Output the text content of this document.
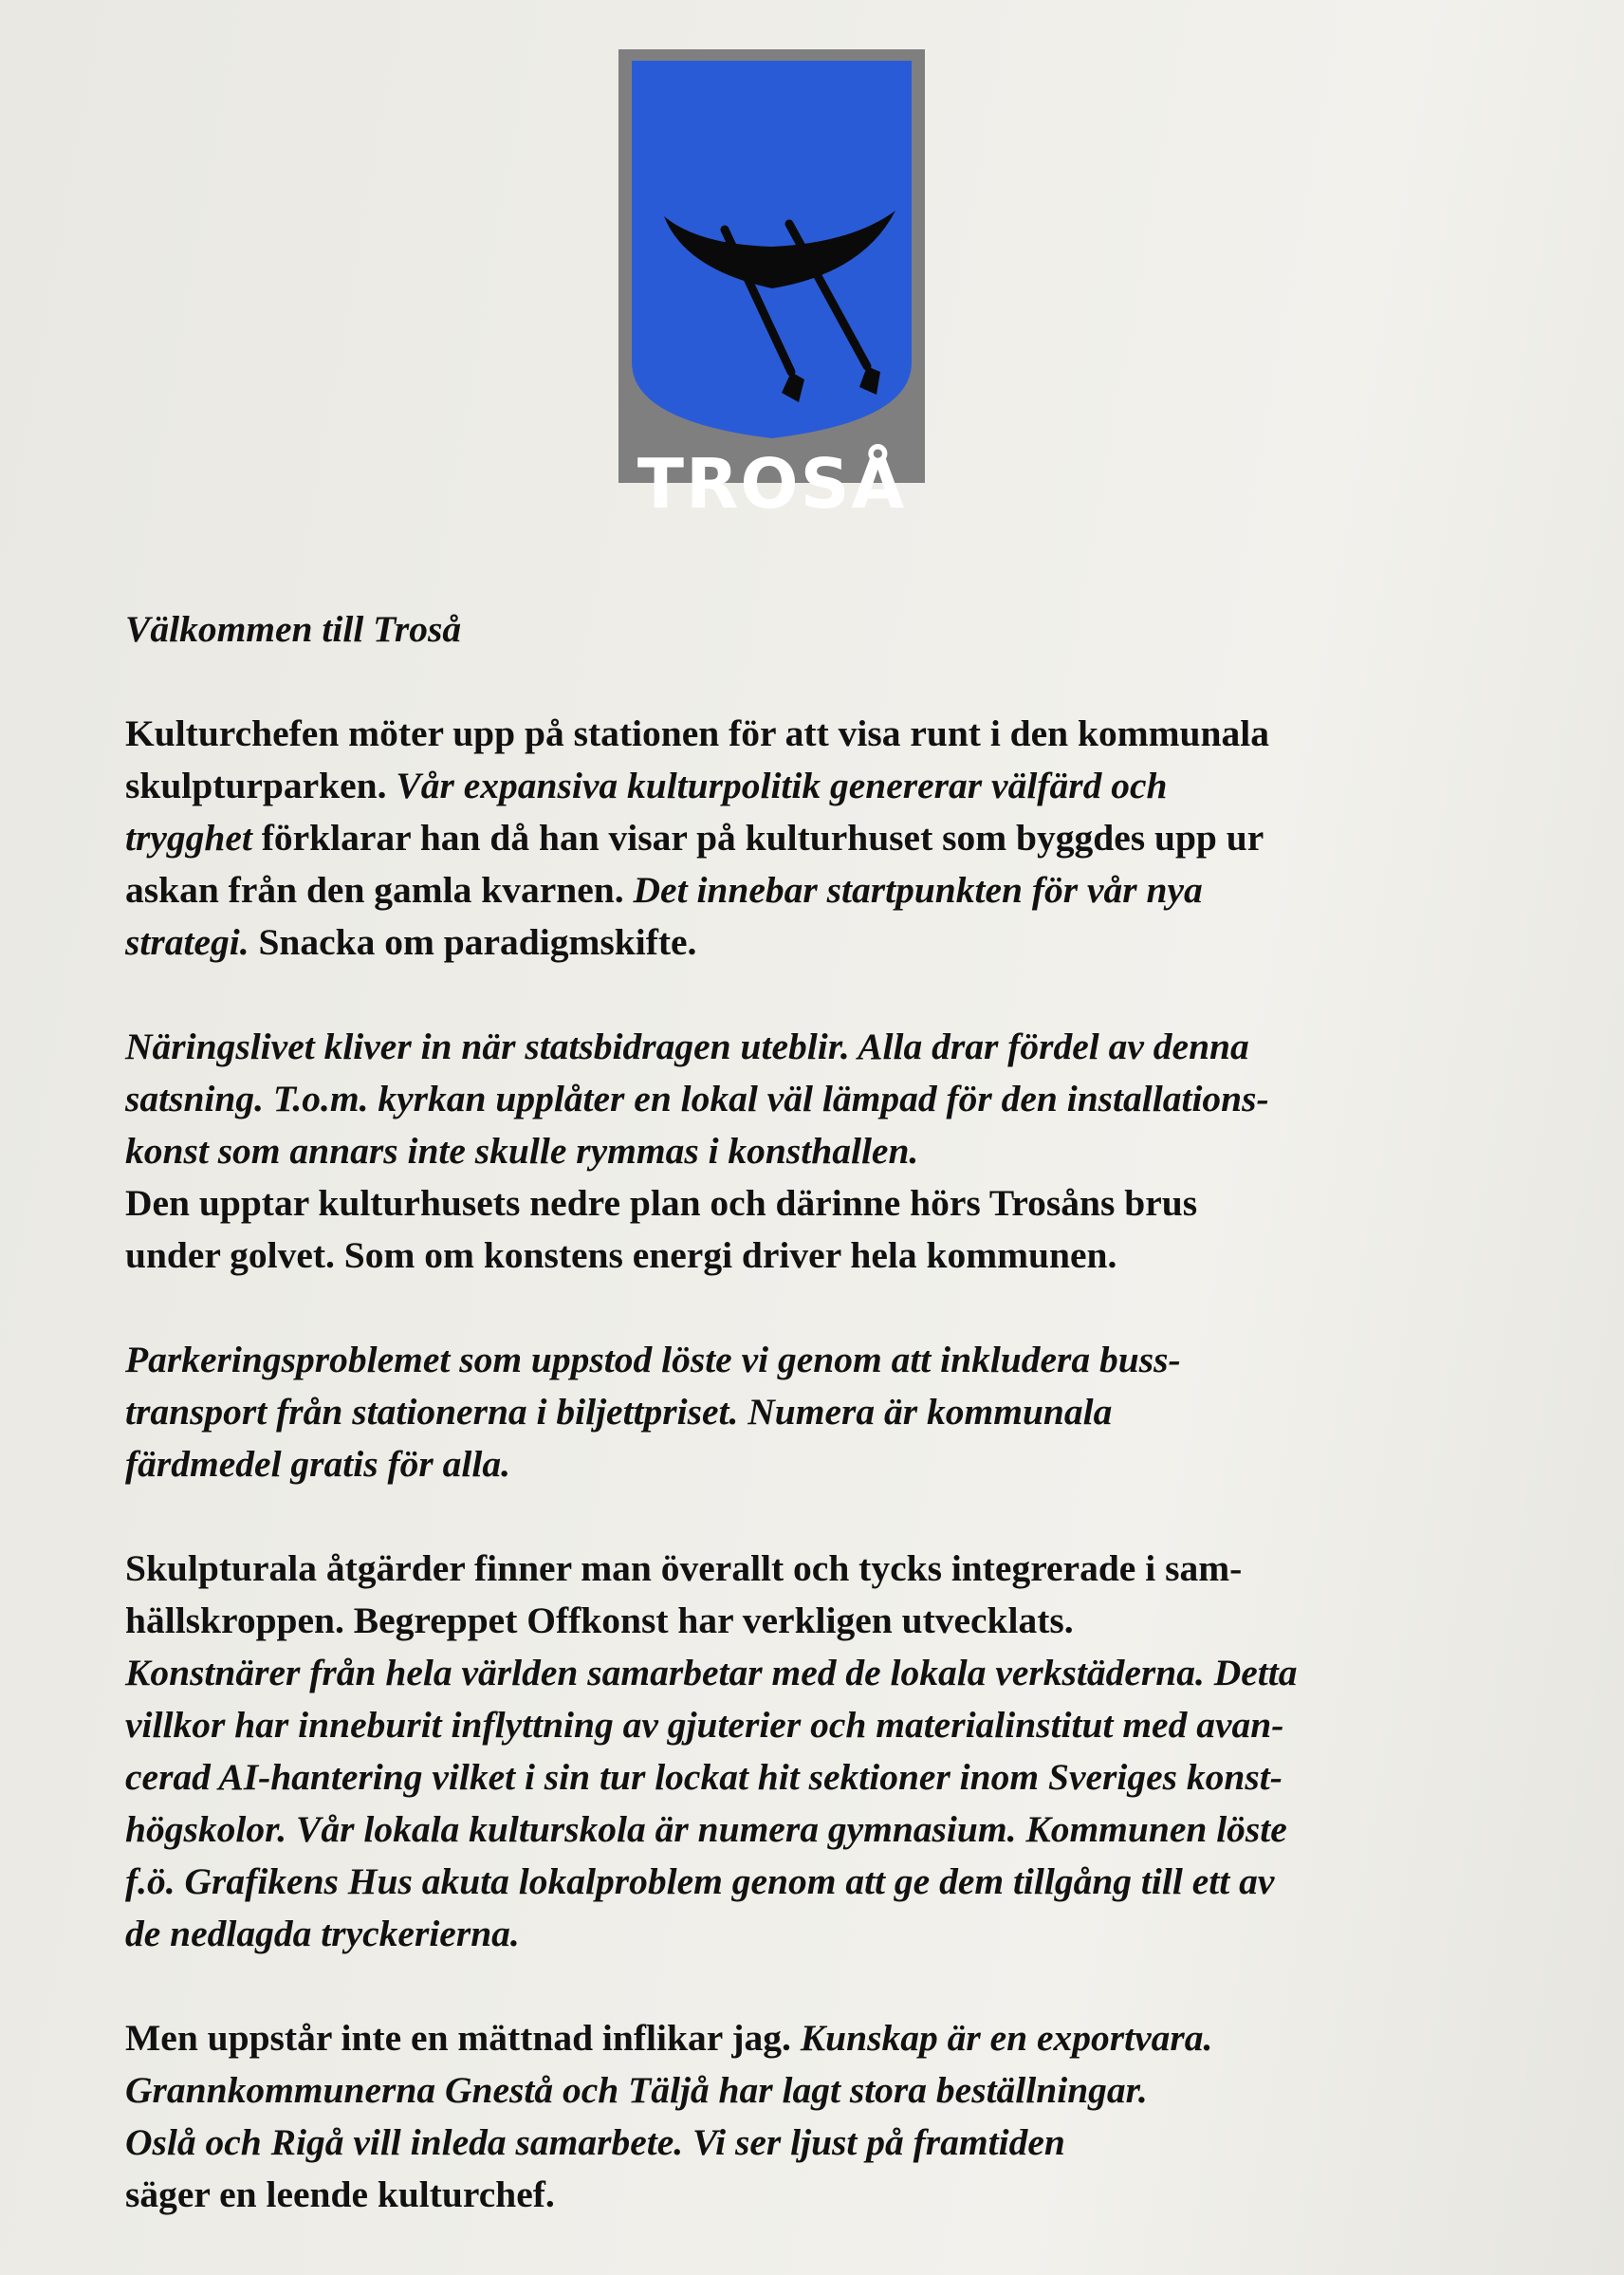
TROSÅ

Välkommen till Troså

Kulturchefen möter upp på stationen för att visa runt i den kommunala
skulpturparken. Vår expansiva kulturpolitik genererar välfärd och
trygghet förklarar han då han visar på kulturhuset som byggdes upp ur
askan från den gamla kvarnen. Det innebar startpunkten för vår nya
strategi. Snacka om paradigmskifte.

Näringslivet kliver in när statsbidragen uteblir. Alla drar fördel av denna
satsning. T.o.m. kyrkan upplåter en lokal väl lämpad för den installations-
konst som annars inte skulle rymmas i konsthallen.
Den upptar kulturhusets nedre plan och därinne hörs Trosåns brus
under golvet. Som om konstens energi driver hela kommunen.

Parkeringsproblemet som uppstod löste vi genom att inkludera buss-
transport från stationerna i biljettpriset. Numera är kommunala
färdmedel gratis för alla.

Skulpturala åtgärder finner man överallt och tycks integrerade i sam-
hällskroppen. Begreppet Offkonst har verkligen utvecklats.
Konstnärer från hela världen samarbetar med de lokala verkstäderna. Detta
villkor har inneburit inflyttning av gjuterier och materialinstitut med avan-
cerad AI-hantering vilket i sin tur lockat hit sektioner inom Sveriges konst-
högskolor. Vår lokala kulturskola är numera gymnasium. Kommunen löste
f.ö. Grafikens Hus akuta lokalproblem genom att ge dem tillgång till ett av
de nedlagda tryckerierna.

Men uppstår inte en mättnad inflikar jag. Kunskap är en exportvara.
Grannkommunerna Gnestå och Täljå har lagt stora beställningar.
Oslå och Rigå vill inleda samarbete. Vi ser ljust på framtiden
säger en leende kulturchef.
